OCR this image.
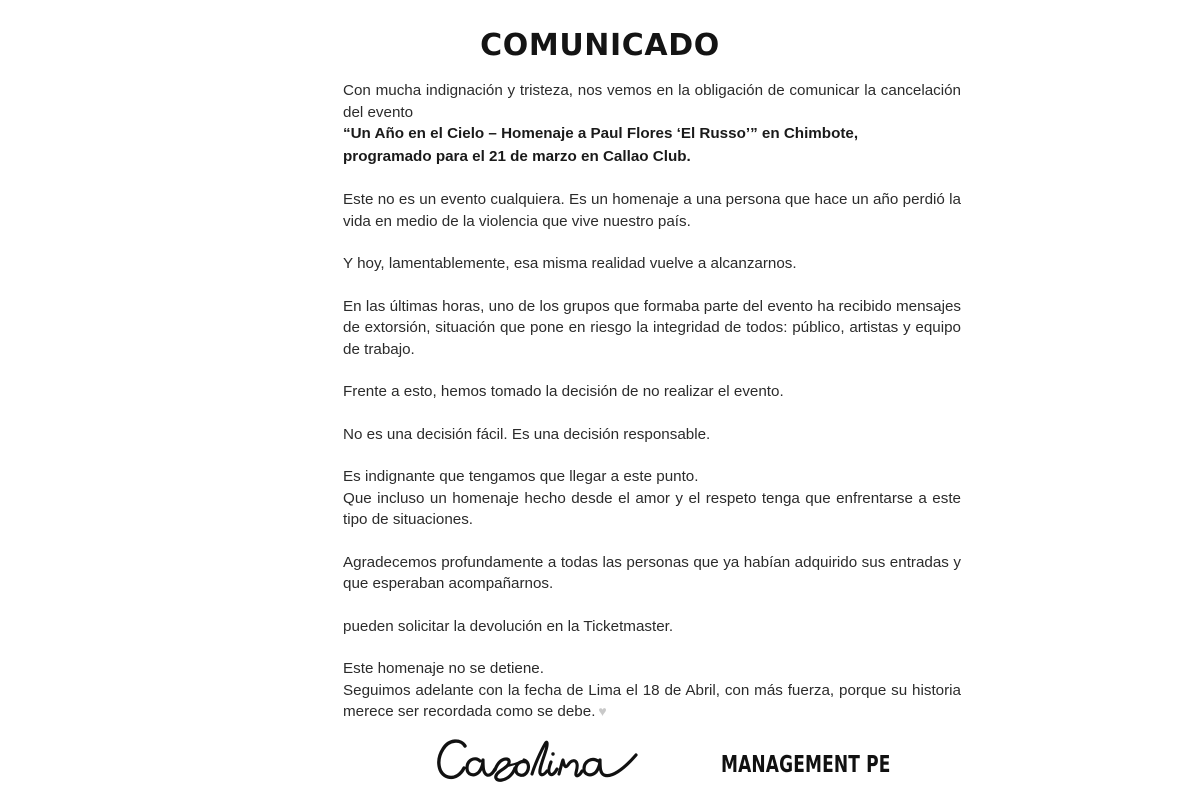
COMUNICADO

Con mucha indignación y tristeza, nos vemos en la obligación de comunicar la cancelación del evento

“Un Año en el Cielo – Homenaje a Paul Flores ‘El Russo’” en Chimbote,
programado para el 21 de marzo en Callao Club.

Este no es un evento cualquiera. Es un homenaje a una persona que hace un año perdió la vida en medio de la violencia que vive nuestro país.

Y hoy, lamentablemente, esa misma realidad vuelve a alcanzarnos.

En las últimas horas, uno de los grupos que formaba parte del evento ha recibido mensajes de extorsión, situación que pone en riesgo la integridad de todos: público, artistas y equipo de trabajo.

Frente a esto, hemos tomado la decisión de no realizar el evento.

No es una decisión fácil. Es una decisión responsable.

Es indignante que tengamos que llegar a este punto.
Que incluso un homenaje hecho desde el amor y el respeto tenga que enfrentarse a este tipo de situaciones.

Agradecemos profundamente a todas las personas que ya habían adquirido sus entradas y que esperaban acompañarnos.

pueden solicitar la devolución en la Ticketmaster.

Este homenaje no se detiene.
Seguimos adelante con la fecha de Lima el 18 de Abril, con más fuerza, porque su historia merece ser recordada como se debe. ♥

MANAGEMENT PE
